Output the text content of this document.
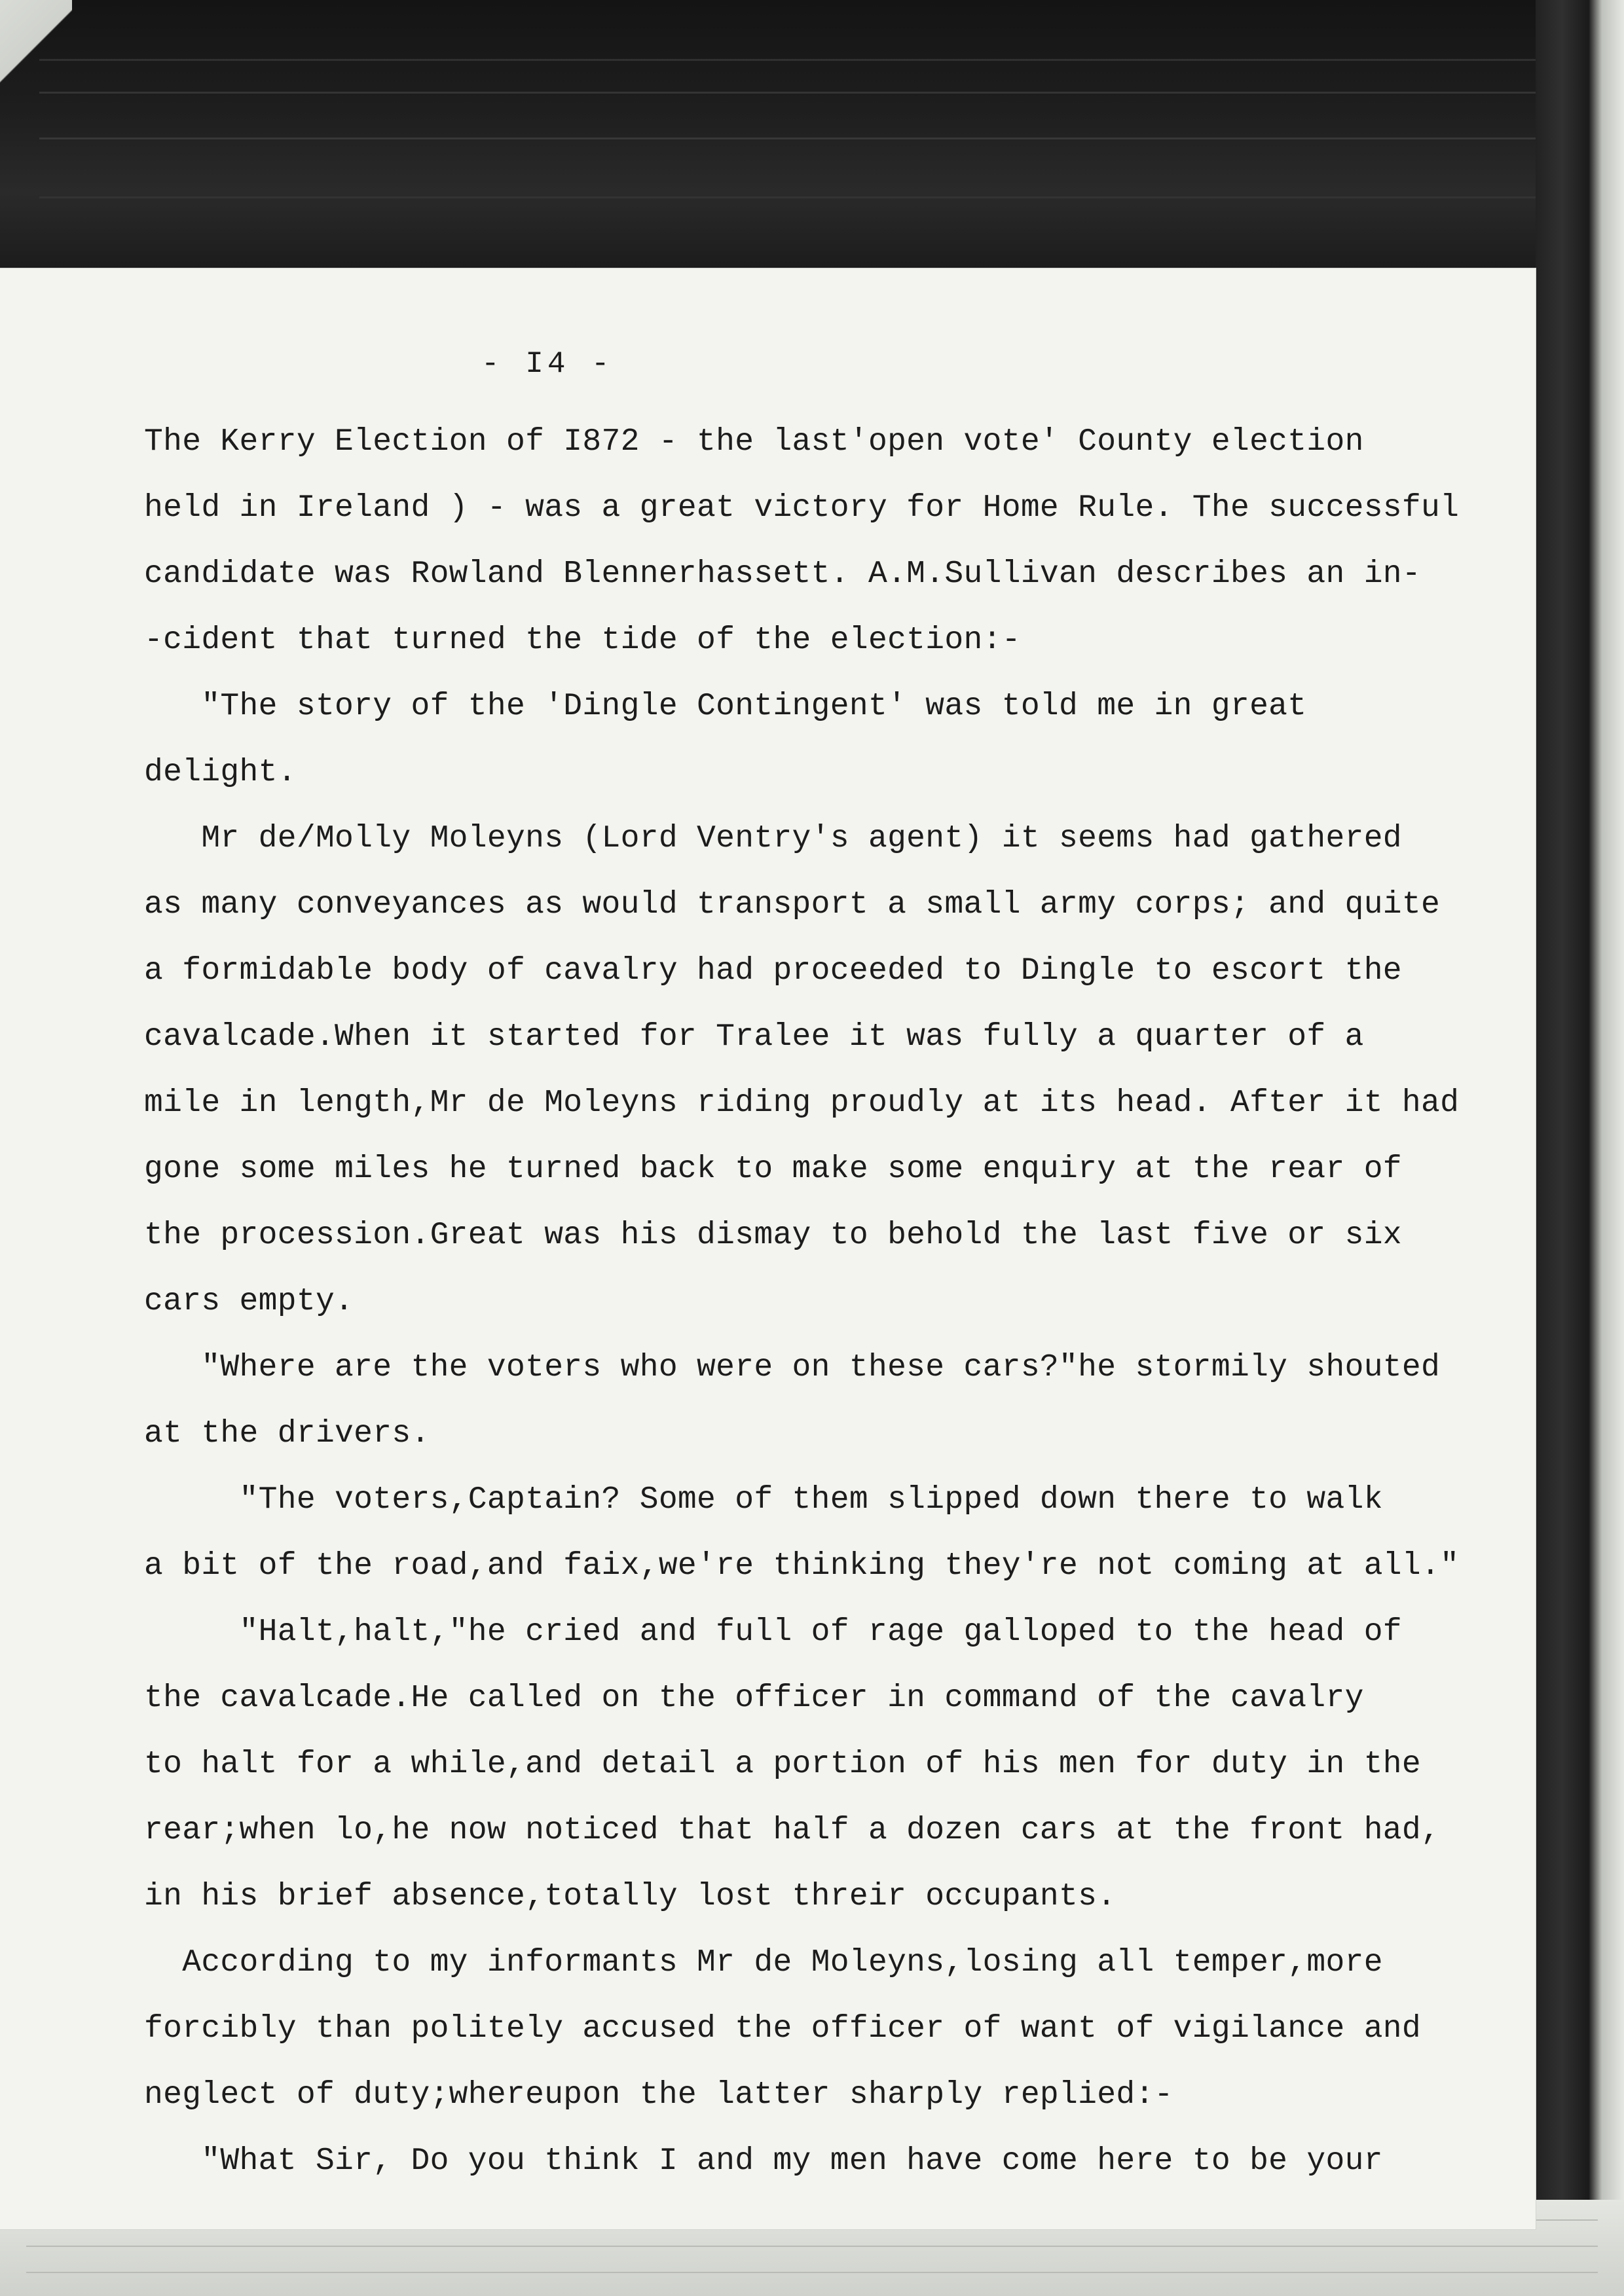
- I4 -
The Kerry Election of I872 - the last'open vote' County election
held in Ireland ) - was a great victory for Home Rule. The successful
candidate was Rowland Blennerhassett. A.M.Sullivan describes an in-
-cident that turned the tide of the election:-
"The story of the 'Dingle Contingent' was told me in great
delight.
Mr de/Molly Moleyns (Lord Ventry's agent) it seems had gathered
as many conveyances as would transport a small army corps; and quite
a formidable body of cavalry had proceeded to Dingle to escort the
cavalcade.When it started for Tralee it was fully a quarter of a
mile in length,Mr de Moleyns riding proudly at its head. After it had
gone some miles he turned back to make some enquiry at the rear of
the procession.Great was his dismay to behold the last five or six
cars empty.
"Where are the voters who were on these cars?"he stormily shouted
at the drivers.
"The voters,Captain? Some of them slipped down there to walk
a bit of the road,and faix,we're thinking they're not coming at all."
"Halt,halt,"he cried and full of rage galloped to the head of
the cavalcade.He called on the officer in command of the cavalry
to halt for a while,and detail a portion of his men for duty in the
rear;when lo,he now noticed that half a dozen cars at the front had,
in his brief absence,totally lost threir occupants.
According to my informants Mr de Moleyns,losing all temper,more
forcibly than politely accused the officer of want of vigilance and
neglect of duty;whereupon the latter sharply replied:-
"What Sir, Do you think I and my men have come here to be your
